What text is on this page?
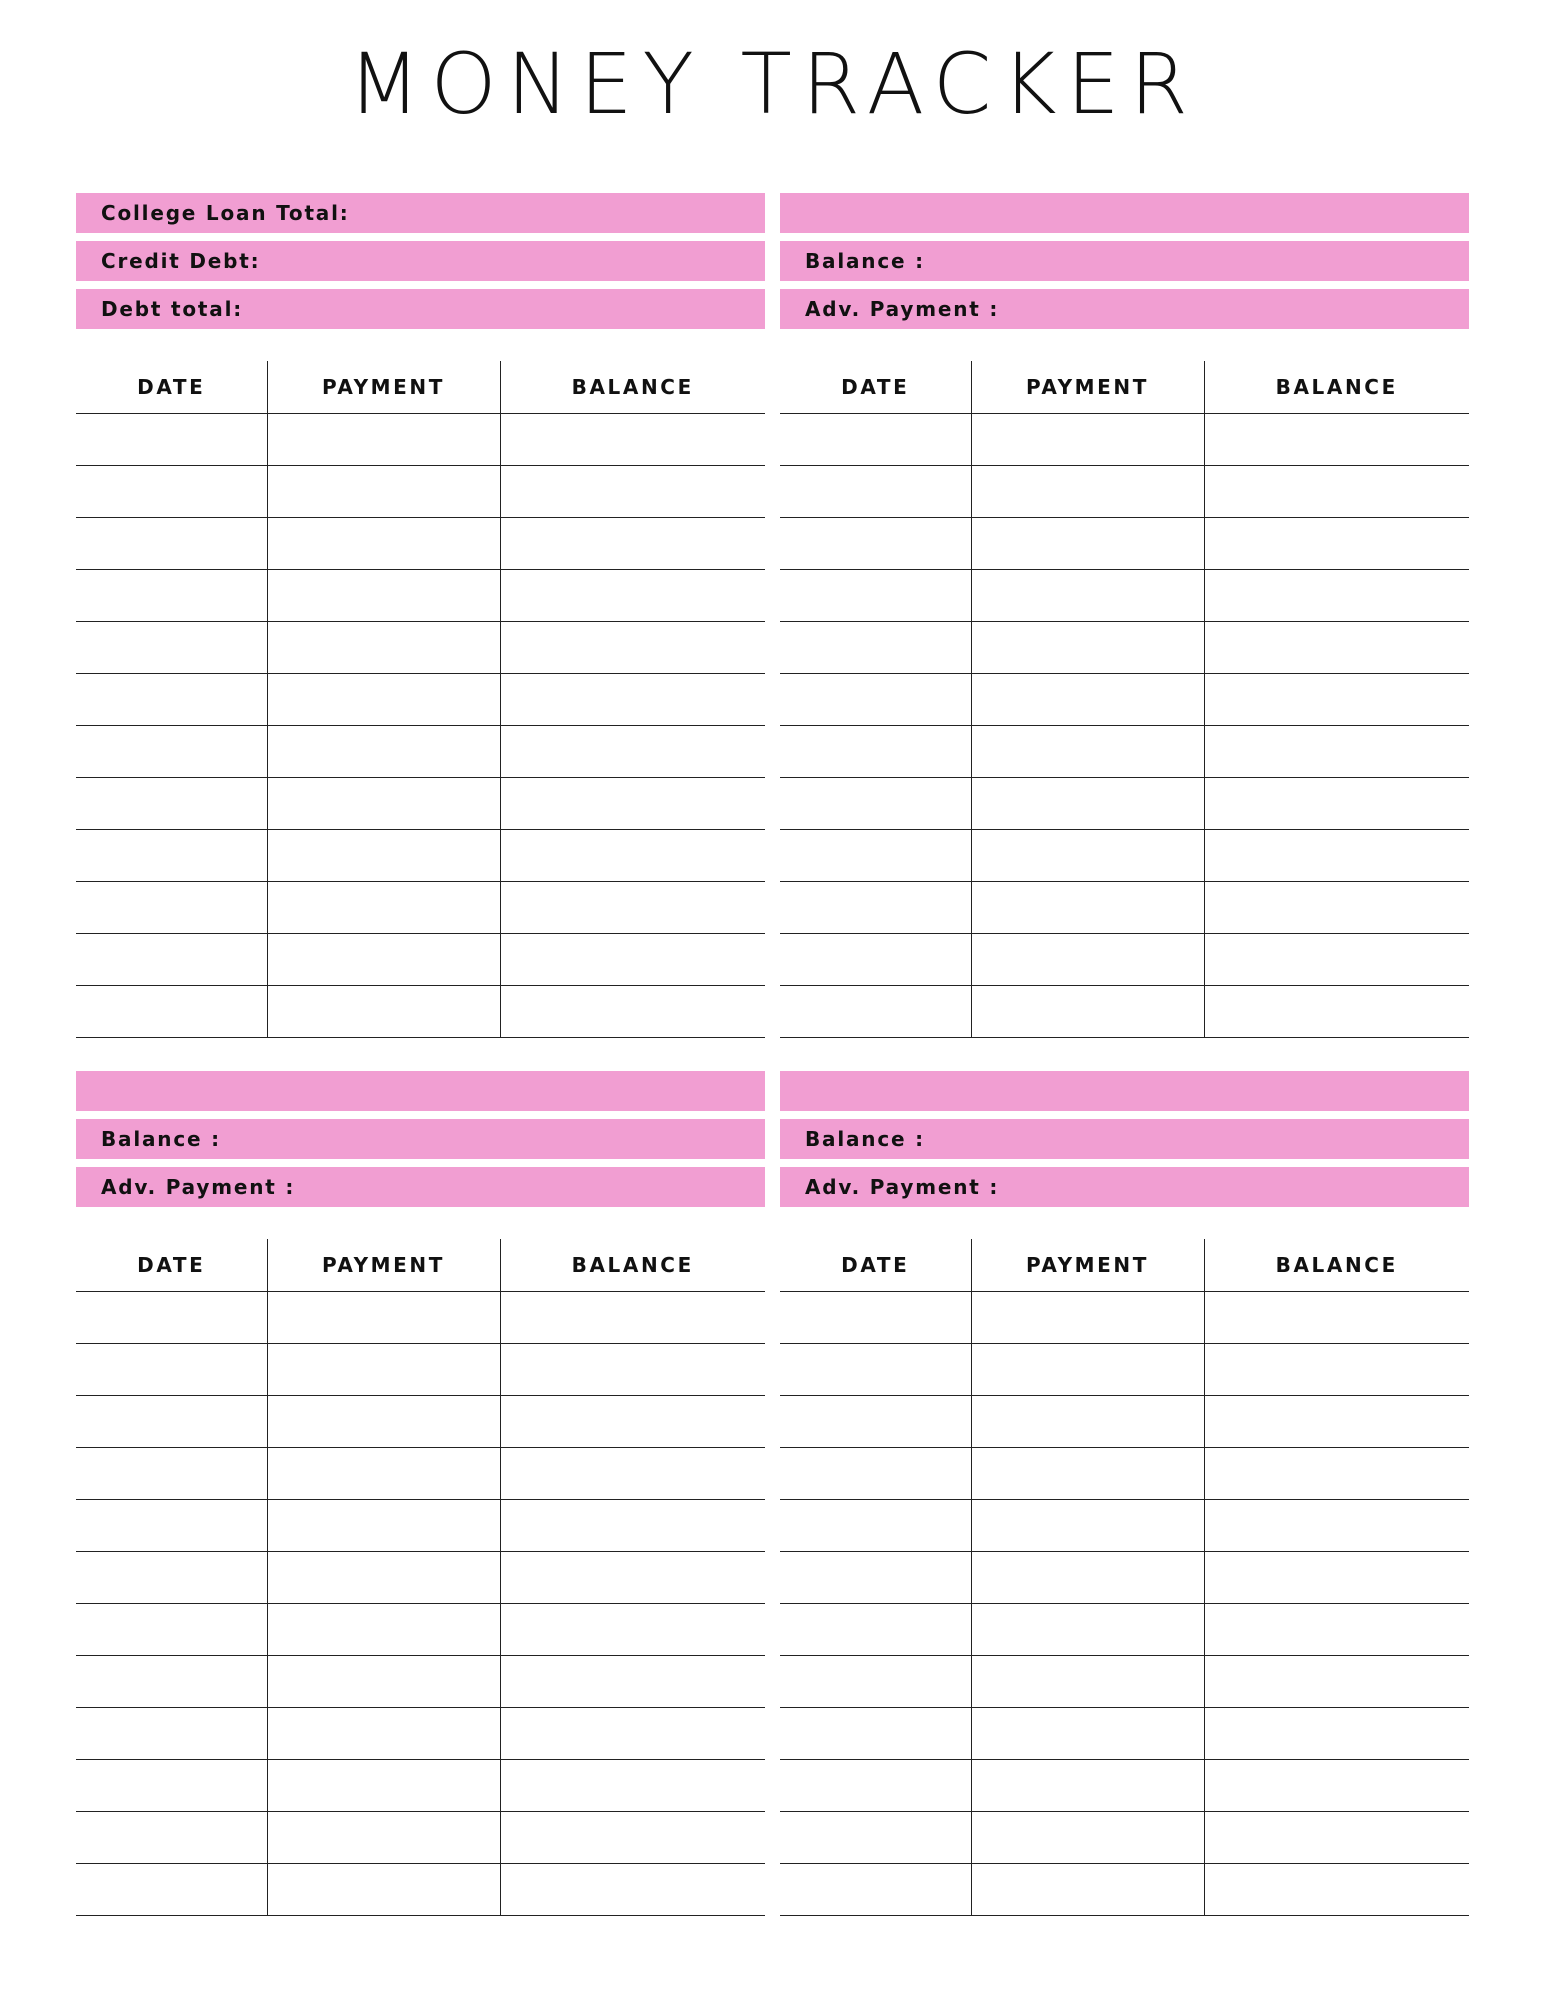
MONEY TRACKER
College Loan Total:
Credit Debt:
Debt total:
DATE	PAYMENT	BALANCE

Balance :
Adv. Payment :
DATE	PAYMENT	BALANCE

Balance :
Adv. Payment :
DATE	PAYMENT	BALANCE

Balance :
Adv. Payment :
DATE	PAYMENT	BALANCE
